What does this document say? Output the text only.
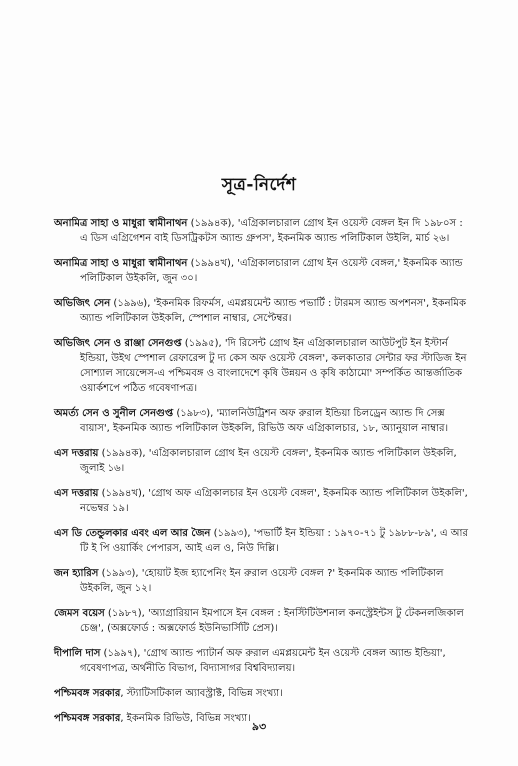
সূত্র-নির্দেশ

অনামিত্র সাহা ও মাধুরা স্বামীনাথন (১৯৯৪ক), 'এগ্রিকালচারাল গ্রোথ ইন ওয়েস্ট বেঙ্গল ইন দি ১৯৮০স : এ ডিস এগ্রিগেশন বাই ডিসট্রিকটস অ্যান্ড গ্রুপস', ইকনমিক অ্যান্ড পলিটিকাল উইলি, মার্চ ২৬।

অনামিত্র সাহা ও মাধুরা স্বামীনাথন (১৯৯৪খ), 'এগ্রিকালচারাল গ্রোথ ইন ওয়েস্ট বেঙ্গল,' ইকনমিক অ্যান্ড পলিটিকাল উইকলি, জুন ৩০।

অভিজিৎ সেন (১৯৯৬), 'ইকনমিক রিফর্মস, এমপ্লয়মেন্ট অ্যান্ড পভার্টি : টারমস অ্যান্ড অপশনস', ইকনমিক অ্যান্ড পলিটিকাল উইকলি, স্পেশাল নাম্বার, সেপ্টেম্বর।

অভিজিৎ সেন ও রাঞ্জা সেনগুপ্ত (১৯৯৫), 'দি রিসেন্ট গ্রোথ ইন এগ্রিকালচারাল আউটপুট ইন ইস্টার্ন ইন্ডিয়া, উইথ স্পেশাল রেফারেন্স টু দ্য কেস অফ ওয়েস্ট বেঙ্গল', কলকাতার সেন্টার ফর স্টাডিজ ইন সোশ্যাল সায়েন্সেস-এ পশ্চিমবঙ্গ ও বাংলাদেশে কৃষি উন্নয়ন ও কৃষি কাঠামো' সম্পর্কিত আন্তর্জাতিক ওয়ার্কশপে পঠিত গবেষণাপত্র।

অমর্ত্য সেন ও সুনীল সেনগুপ্ত (১৯৮৩), 'ম্যালনিউট্রিশন অফ রুরাল ইন্ডিয়া চিলড্রেন অ্যান্ড দি সেক্স বায়াস', ইকনমিক অ্যান্ড পলিটিকাল উইকলি, রিভিউ অফ এগ্রিকালচার, ১৮, অ্যানুয়াল নাম্বার।

এস দত্তরায় (১৯৯৪ক), 'এগ্রিকালচারাল গ্রোথ ইন ওয়েস্ট বেঙ্গল', ইকনমিক অ্যান্ড পলিটিকাল উইকলি, জুলাই ১৬।

এস দত্তরায় (১৯৯৪খ), 'গ্রোথ অফ এগ্রিকালচার ইন ওয়েস্ট বেঙ্গল', ইকনমিক অ্যান্ড পলিটিকাল উইকলি', নভেম্বর ১৯।

এস ডি তেন্ডুলকার এবং এল আর জৈন (১৯৯৩), 'পভার্টি ইন ইন্ডিয়া : ১৯৭০-৭১ টু ১৯৮৮-৮৯', এ আর টি ই পি ওয়ার্কিং পেপারস, আই এল ও, নিউ দিল্লি।

জন হ্যারিস (১৯৯৩), 'হোয়াট ইজ হ্যাপেনিং ইন রুরাল ওয়েস্ট বেঙ্গল ?' ইকনমিক অ্যান্ড পলিটিকাল উইকলি, জুন ১২।

জেমস বয়েস (১৯৮৭), 'অ্যাগ্রারিয়ান ইমপাসে ইন বেঙ্গল : ইনস্টিটিউশনাল কনস্ট্রেইন্টস টু টেকনলজিকাল চেঞ্জ', (অক্সফোর্ড : অক্সফোর্ড ইউনিভার্সিটি প্রেস)।

দীপালি দাস (১৯৯৭), 'গ্রোথ অ্যান্ড প্যাটার্ন অফ রুরাল এমপ্লয়মেন্ট ইন ওয়েস্ট বেঙ্গল অ্যান্ড ইন্ডিয়া', গবেষণাপত্র, অর্থনীতি বিভাগ, বিদ্যাসাগর বিশ্ববিদ্যালয়।

পশ্চিমবঙ্গ সরকার, স্ট্যাটিসটিকাল অ্যাবস্ট্রাক্ট, বিভিন্ন সংখ্যা।

পশ্চিমবঙ্গ সরকার, ইকনমিক রিভিউ, বিভিন্ন সংখ্যা।

৯৩
